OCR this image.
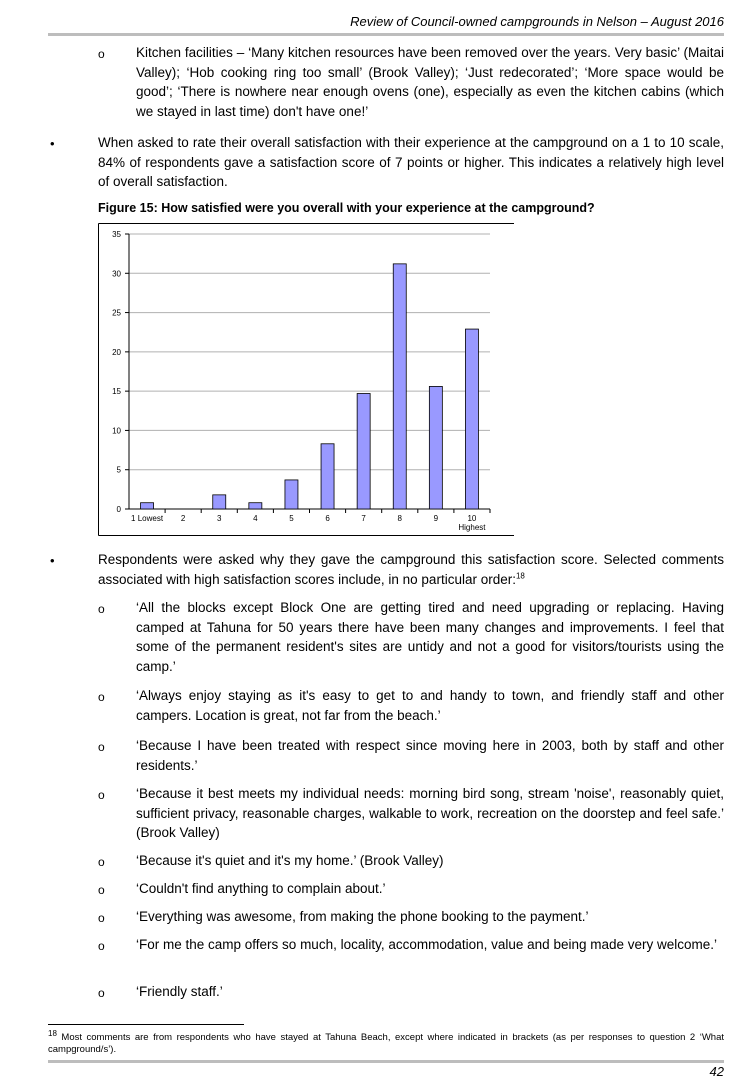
Review of Council-owned campgrounds in Nelson – August 2016
o Kitchen facilities – ‘Many kitchen resources have been removed over the years. Very basic’ (Maitai Valley); ‘Hob cooking ring too small’ (Brook Valley); ‘Just redecorated’; ‘More space would be good’; ‘There is nowhere near enough ovens (one), especially as even the kitchen cabins (which we stayed in last time) don't have one!’
•	When asked to rate their overall satisfaction with their experience at the campground on a 1 to 10 scale, 84% of respondents gave a satisfaction score of 7 points or higher. This indicates a relatively high level of overall satisfaction.
Figure 15: How satisfied were you overall with your experience at the campground?
0
5
10
15
20
25
30
35
1 Lowest 2	3	4	5	6	7	8	9	10 Highest
•	Respondents were asked why they gave the campground this satisfaction score. Selected comments associated with high satisfaction scores include, in no particular order:$^{18}$
o ‘All the blocks except Block One are getting tired and need upgrading or replacing. Having camped at Tahuna for 50 years there have been many changes and improvements. I feel that some of the permanent resident's sites are untidy and not a good for visitors/tourists using the camp.’
o ‘Always enjoy staying as it's easy to get to and handy to town, and friendly staff and other campers. Location is great, not far from the beach.’
o ‘Because I have been treated with respect since moving here in 2003, both by staff and other residents.’
o ‘Because it best meets my individual needs: morning bird song, stream 'noise', reasonably quiet, sufficient privacy, reasonable charges, walkable to work, recreation on the doorstep and feel safe.’ (Brook Valley)
o ‘Because it's quiet and it's my home.’ (Brook Valley)
o ‘Couldn't find anything to complain about.’
o ‘Everything was awesome, from making the phone booking to the payment.’
o ‘For me the camp offers so much, locality, accommodation, value and being made very welcome.’
o ‘Friendly staff.’
$^{18}$ Most comments are from respondents who have stayed at Tahuna Beach, except where indicated in brackets (as per responses to question 2 ‘What campground/s’).
42
